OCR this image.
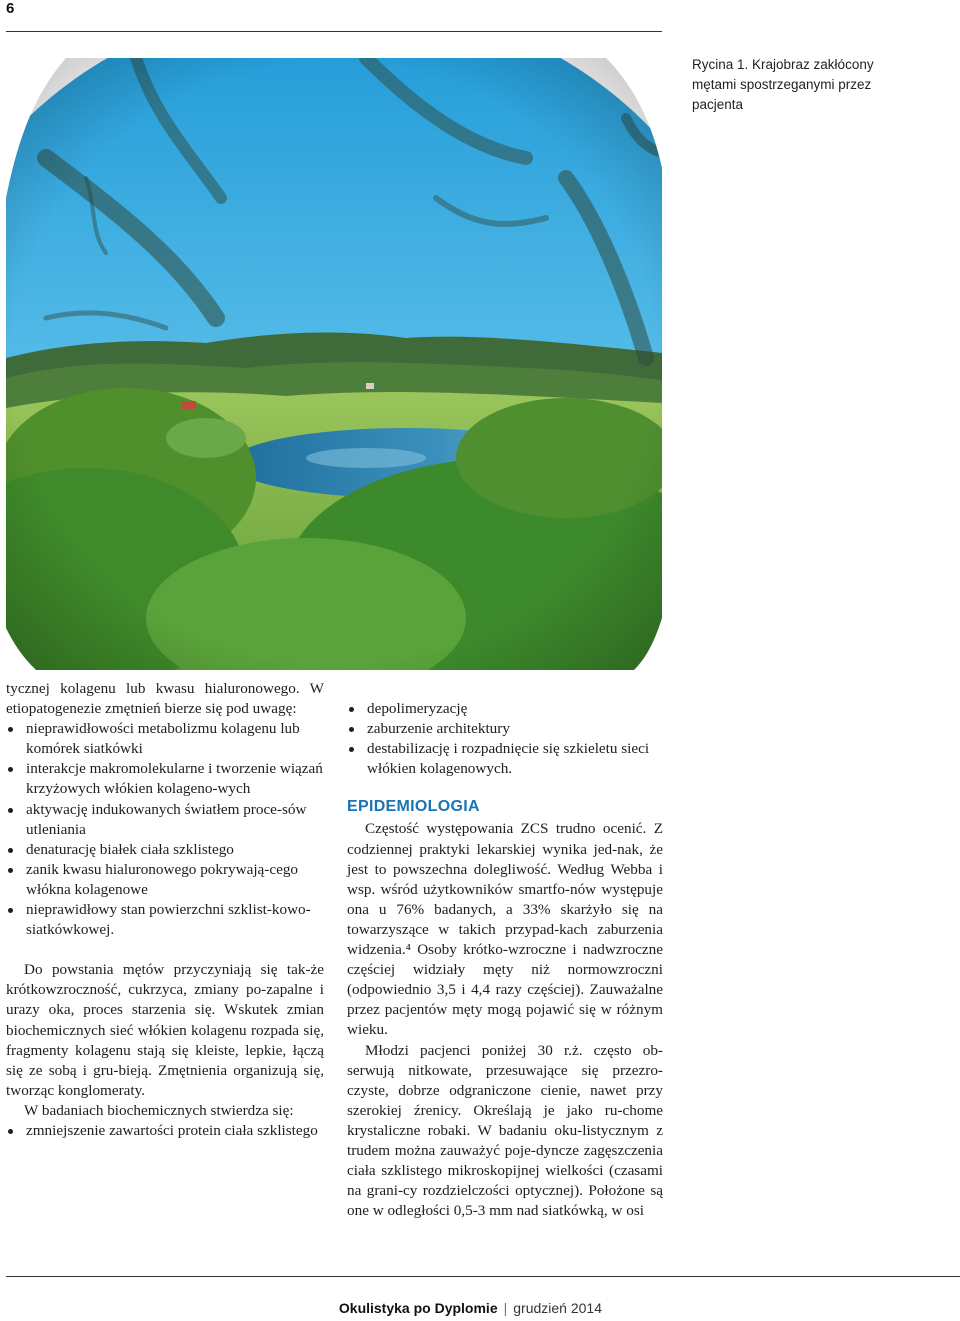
6
Rycina 1. Krajobraz zakłócony mętami spostrzeganymi przez pacjenta

tycznej kolagenu lub kwasu hialuronowego. W etiopatogenezie zmętnień bierze się pod uwagę:

nieprawidłowości metabolizmu kolagenu lub komórek siatkówki
interakcje makromolekularne i tworzenie wiązań krzyżowych włókien kolageno-wych
aktywację indukowanych światłem proce-sów utleniania
denaturację białek ciała szklistego
zanik kwasu hialuronowego pokrywają-cego włókna kolagenowe
nieprawidłowy stan powierzchni szklist-kowo-siatkówkowej.

Do powstania mętów przyczyniają się tak-że krótkowzroczność, cukrzyca, zmiany po-zapalne i urazy oka, proces starzenia się. Wskutek zmian biochemicznych sieć włókien kolagenu rozpada się, fragmenty kolagenu stają się kleiste, lepkie, łączą się ze sobą i gru-bieją. Zmętnienia organizują się, tworząc konglomeraty.

W badaniach biochemicznych stwierdza się:

zmniejszenie zawartości protein ciała szklistego
depolimeryzację
zaburzenie architektury
destabilizację i rozpadnięcie się szkieletu sieci włókien kolagenowych.
EPIDEMIOLOGIA

Częstość występowania ZCS trudno ocenić. Z codziennej praktyki lekarskiej wynika jed-nak, że jest to powszechna dolegliwość. Według Webba i wsp. wśród użytkowników smartfo-nów występuje ona u 76% badanych, a 33% skarżyło się na towarzyszące w takich przypad-kach zaburzenia widzenia.⁴ Osoby krótko-wzroczne i nadwzroczne częściej widziały męty niż normowzroczni (odpowiednio 3,5 i 4,4 razy częściej). Zauważalne przez pacjentów męty mogą pojawić się w różnym wieku.

Młodzi pacjenci poniżej 30 r.ż. często ob-serwują nitkowate, przesuwające się przezro-czyste, dobrze odgraniczone cienie, nawet przy szerokiej źrenicy. Określają je jako ru-chome krystaliczne robaki. W badaniu oku-listycznym z trudem można zauważyć poje-dyncze zagęszczenia ciała szklistego mikroskopijnej wielkości (czasami na grani-cy rozdzielczości optycznej). Położone są one w odległości 0,5-3 mm nad siatkówką, w osi

Okulistyka po Dyplomie | grudzień 2014
